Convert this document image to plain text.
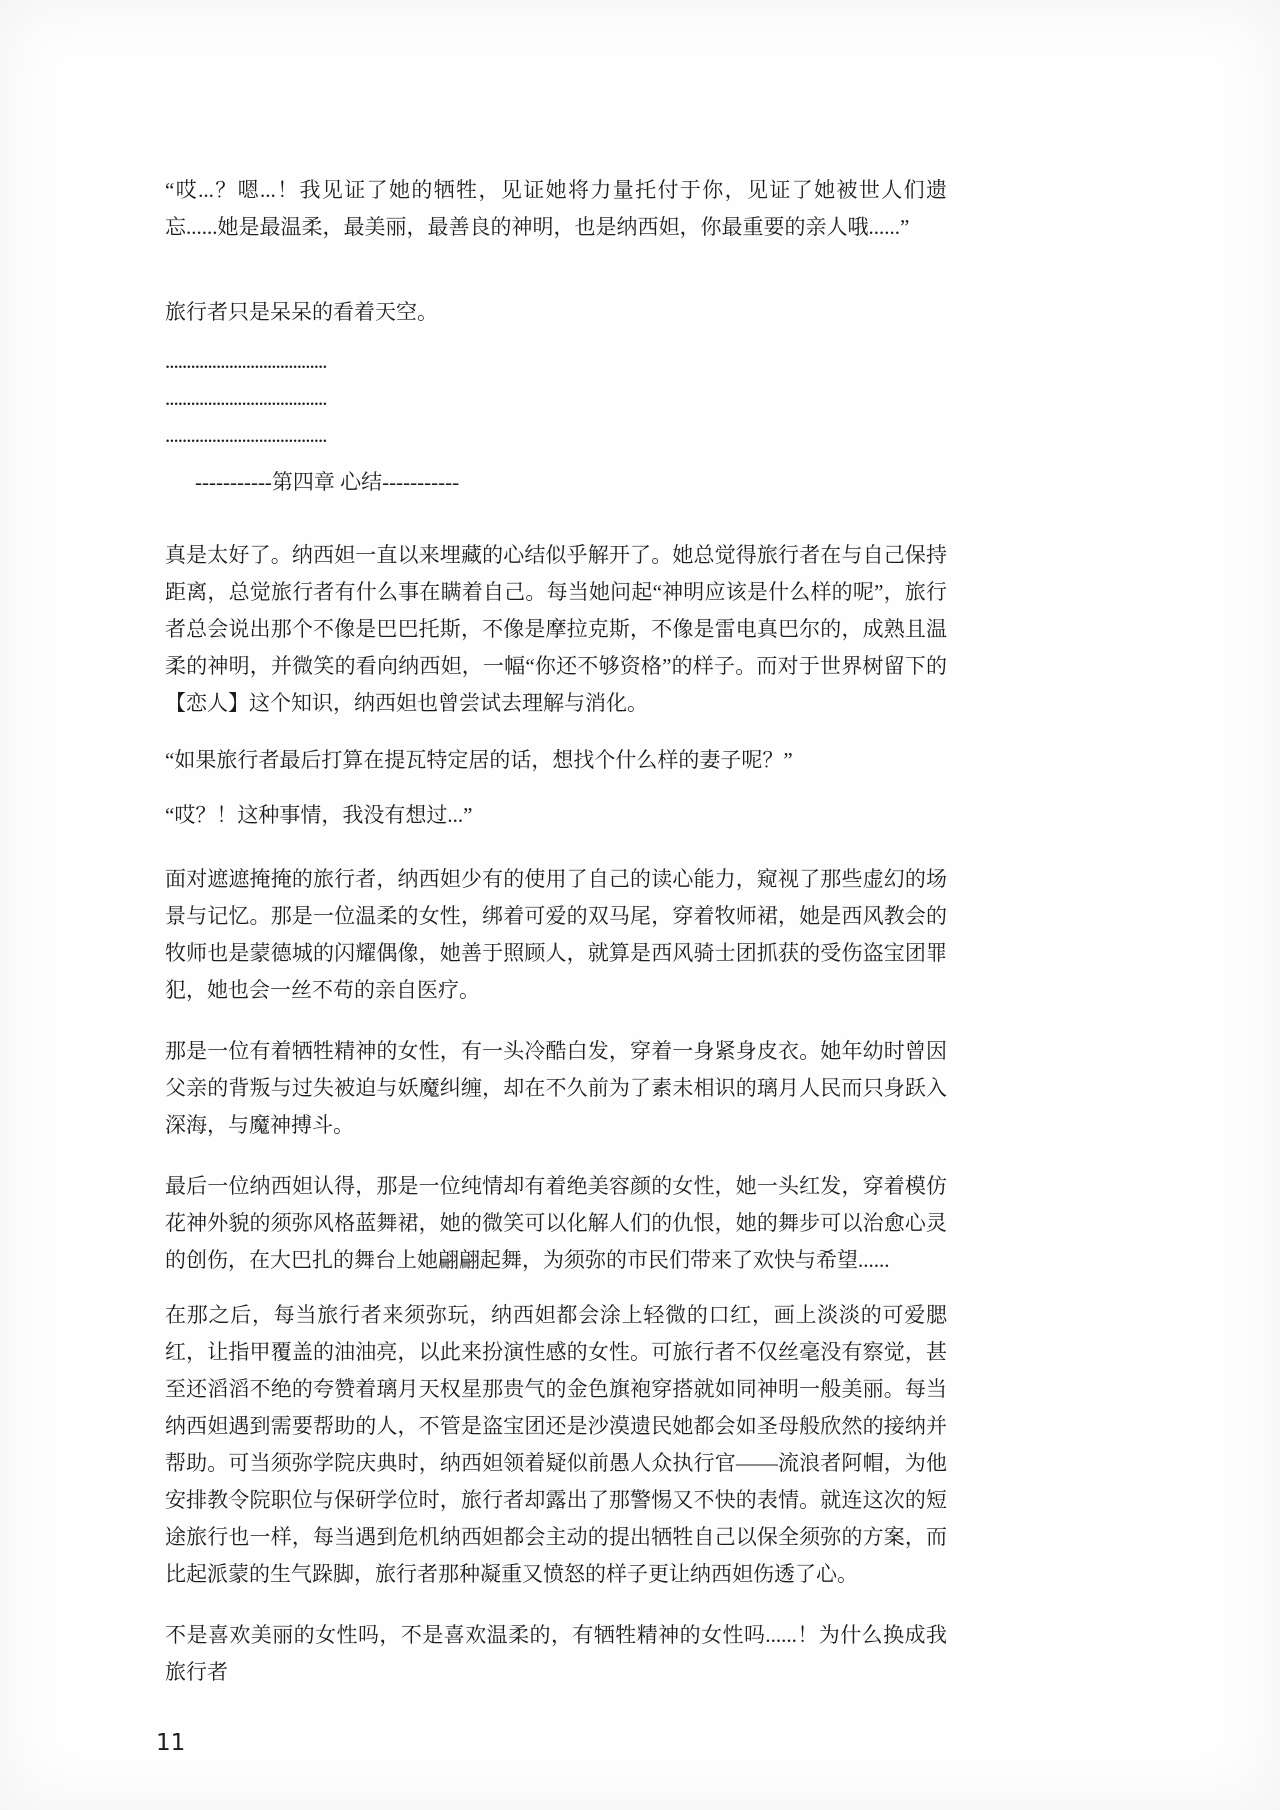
“哎...？嗯...！我见证了她的牺牲，见证她将力量托付于你，见证了她被世人们遗忘......她是最温柔，最美丽，最善良的神明，也是纳西妲，你最重要的亲人哦......”

旅行者只是呆呆的看着天空。

......................................

......................................

......................................

-----------第四章 心结-----------

真是太好了。纳西妲一直以来埋藏的心结似乎解开了。她总觉得旅行者在与自己保持距离，总觉旅行者有什么事在瞒着自己。每当她问起“神明应该是什么样的呢”，旅行者总会说出那个不像是巴巴托斯，不像是摩拉克斯，不像是雷电真巴尔的，成熟且温柔的神明，并微笑的看向纳西妲，一幅“你还不够资格”的样子。而对于世界树留下的【恋人】这个知识，纳西妲也曾尝试去理解与消化。

“如果旅行者最后打算在提瓦特定居的话，想找个什么样的妻子呢？”

“哎？！这种事情，我没有想过...”

面对遮遮掩掩的旅行者，纳西妲少有的使用了自己的读心能力，窥视了那些虚幻的场景与记忆。那是一位温柔的女性，绑着可爱的双马尾，穿着牧师裙，她是西风教会的牧师也是蒙德城的闪耀偶像，她善于照顾人，就算是西风骑士团抓获的受伤盗宝团罪犯，她也会一丝不苟的亲自医疗。

那是一位有着牺牲精神的女性，有一头冷酷白发，穿着一身紧身皮衣。她年幼时曾因父亲的背叛与过失被迫与妖魔纠缠，却在不久前为了素未相识的璃月人民而只身跃入深海，与魔神搏斗。

最后一位纳西妲认得，那是一位纯情却有着绝美容颜的女性，她一头红发，穿着模仿花神外貌的须弥风格蓝舞裙，她的微笑可以化解人们的仇恨，她的舞步可以治愈心灵的创伤，在大巴扎的舞台上她翩翩起舞，为须弥的市民们带来了欢快与希望......

在那之后，每当旅行者来须弥玩，纳西妲都会涂上轻微的口红，画上淡淡的可爱腮红，让指甲覆盖的油油亮，以此来扮演性感的女性。可旅行者不仅丝毫没有察觉，甚至还滔滔不绝的夸赞着璃月天权星那贵气的金色旗袍穿搭就如同神明一般美丽。每当纳西妲遇到需要帮助的人，不管是盗宝团还是沙漠遗民她都会如圣母般欣然的接纳并帮助。可当须弥学院庆典时，纳西妲领着疑似前愚人众执行官——流浪者阿帽，为他安排教令院职位与保研学位时，旅行者却露出了那警惕又不快的表情。就连这次的短途旅行也一样，每当遇到危机纳西妲都会主动的提出牺牲自己以保全须弥的方案，而比起派蒙的生气跺脚，旅行者那种凝重又愤怒的样子更让纳西妲伤透了心。

不是喜欢美丽的女性吗，不是喜欢温柔的，有牺牲精神的女性吗......！为什么换成我旅行者

11
